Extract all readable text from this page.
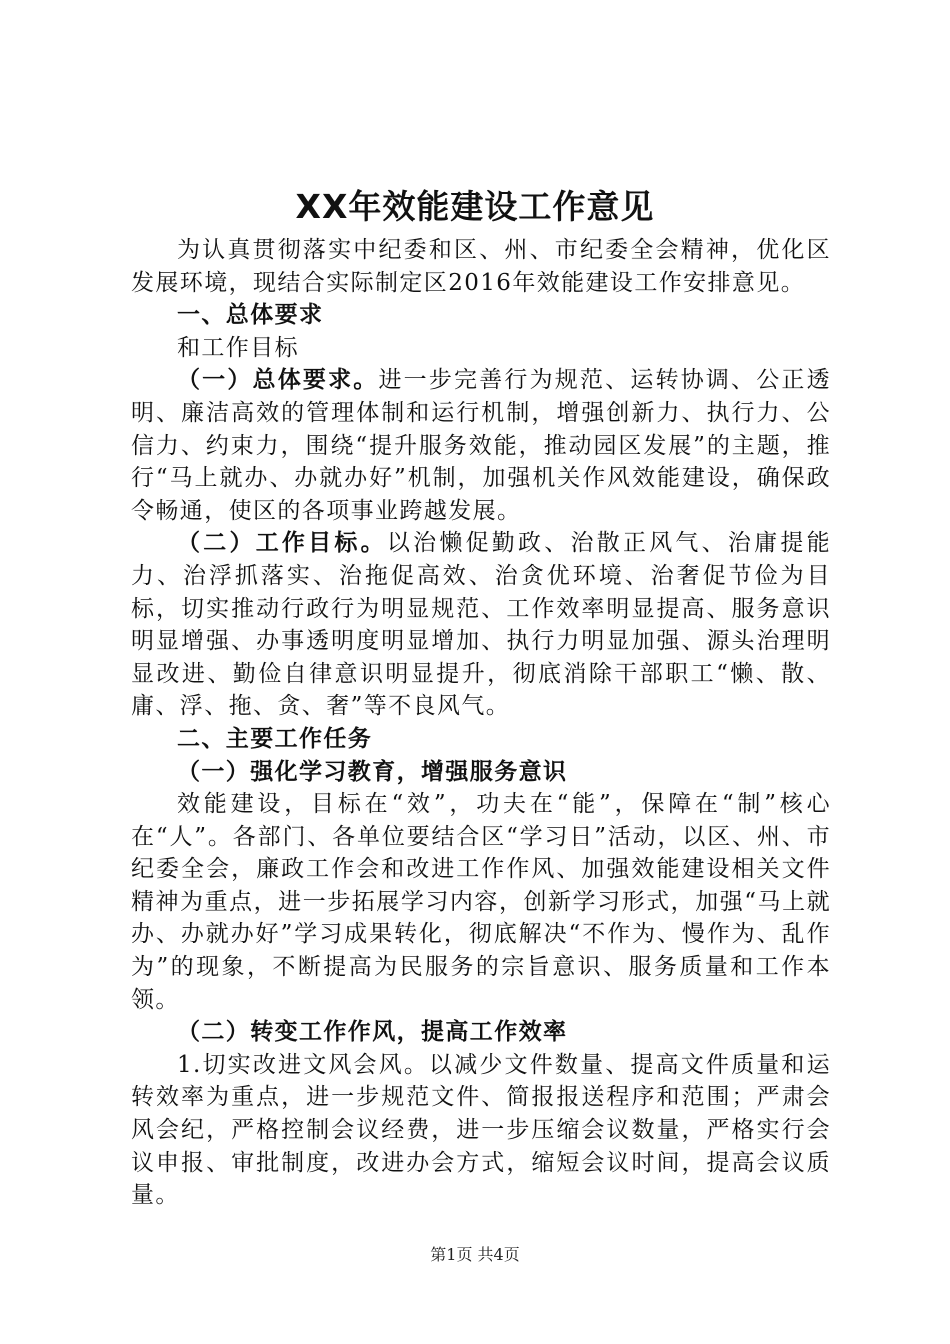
XX年效能建设工作意见

为认真贯彻落实中纪委和区、州、市纪委全会精神，优化区发展环境，现结合实际制定区2016年效能建设工作安排意见。

一、总体要求

和工作目标

（一）总体要求。进一步完善行为规范、运转协调、公正透明、廉洁高效的管理体制和运行机制，增强创新力、执行力、公信力、约束力，围绕“提升服务效能，推动园区发展”的主题，推行“马上就办、办就办好”机制，加强机关作风效能建设，确保政令畅通，使区的各项事业跨越发展。

（二）工作目标。以治懒促勤政、治散正风气、治庸提能力、治浮抓落实、治拖促高效、治贪优环境、治奢促节俭为目标，切实推动行政行为明显规范、工作效率明显提高、服务意识明显增强、办事透明度明显增加、执行力明显加强、源头治理明显改进、勤俭自律意识明显提升，彻底消除干部职工“懒、散、庸、浮、拖、贪、奢”等不良风气。

二、主要工作任务

（一）强化学习教育，增强服务意识

效能建设，目标在“效”，功夫在“能”，保障在“制”核心在“人”。各部门、各单位要结合区“学习日”活动，以区、州、市纪委全会，廉政工作会和改进工作作风、加强效能建设相关文件精神为重点，进一步拓展学习内容，创新学习形式，加强“马上就办、办就办好”学习成果转化，彻底解决“不作为、慢作为、乱作为”的现象，不断提高为民服务的宗旨意识、服务质量和工作本领。

（二）转变工作作风，提高工作效率

1.切实改进文风会风。以减少文件数量、提高文件质量和运转效率为重点，进一步规范文件、简报报送程序和范围；严肃会风会纪，严格控制会议经费，进一步压缩会议数量，严格实行会议申报、审批制度，改进办会方式，缩短会议时间，提高会议质量。

第1页 共4页
